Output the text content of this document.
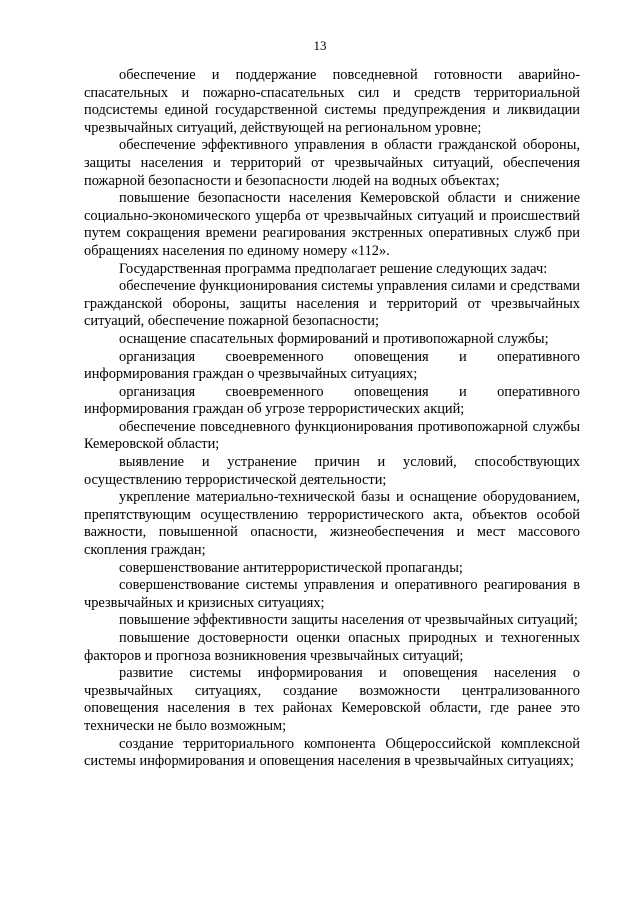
13

обеспечение и поддержание повседневной готовности аварийно-спасательных и пожарно-спасательных сил и средств территориальной подсистемы единой государственной системы предупреждения и ликвидации чрезвычайных ситуаций, действующей на региональном уровне;

обеспечение эффективного управления в области гражданской обороны, защиты населения и территорий от чрезвычайных ситуаций, обеспечения пожарной безопасности и безопасности людей на водных объектах;

повышение безопасности населения Кемеровской области и снижение социально-экономического ущерба от чрезвычайных ситуаций и происшествий путем сокращения времени реагирования экстренных оперативных служб при обращениях населения по единому номеру «112».

Государственная программа предполагает решение следующих задач:

обеспечение функционирования системы управления силами и средствами гражданской обороны, защиты населения и территорий от чрезвычайных ситуаций, обеспечение пожарной безопасности;

оснащение спасательных формирований и противопожарной службы;

организация своевременного оповещения и оперативного информирования граждан о чрезвычайных ситуациях;

организация своевременного оповещения и оперативного информирования граждан об угрозе террористических акций;

обеспечение повседневного функционирования противопожарной службы Кемеровской области;

выявление и устранение причин и условий, способствующих осуществлению террористической деятельности;

укрепление материально-технической базы и оснащение оборудованием, препятствующим осуществлению террористического акта, объектов особой важности, повышенной опасности, жизнеобеспечения и мест массового скопления граждан;

совершенствование антитеррористической пропаганды;

совершенствование системы управления и оперативного реагирования в чрезвычайных и кризисных ситуациях;

повышение эффективности защиты населения от чрезвычайных ситуаций;

повышение достоверности оценки опасных природных и техногенных факторов и прогноза возникновения чрезвычайных ситуаций;

развитие системы информирования и оповещения населения о чрезвычайных ситуациях, создание возможности централизованного оповещения населения в тех районах Кемеровской области, где ранее это технически не было возможным;

создание территориального компонента Общероссийской комплексной системы информирования и оповещения населения в чрезвычайных ситуациях;
